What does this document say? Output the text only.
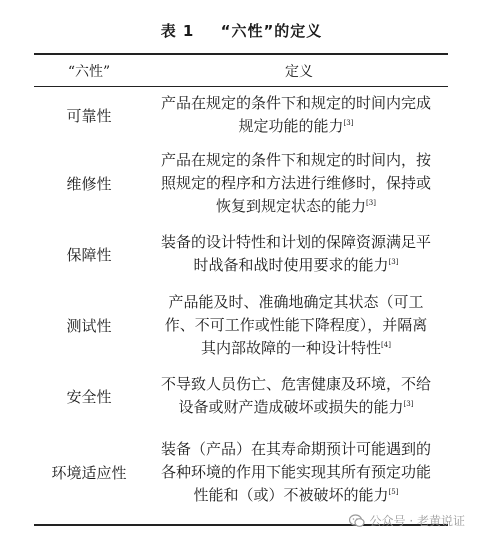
表 1 “六性”的定义
“六性”	定义
可靠性
产品在规定的条件下和规定的时间内完成
规定功能的能力[3]
维修性
产品在规定的条件下和规定的时间内，按
照规定的程序和方法进行维修时，保持或
恢复到规定状态的能力[3]
保障性
装备的设计特性和计划的保障资源满足平
时战备和战时使用要求的能力[3]
测试性
产品能及时、准确地确定其状态（可工
作、不可工作或性能下降程度），并隔离
其内部故障的一种设计特性[4]
安全性
不导致人员伤亡、危害健康及环境，不给
设备或财产造成破坏或损失的能力[3]
环境适应性
装备（产品）在其寿命期预计可能遇到的
各种环境的作用下能实现其所有预定功能
性能和（或）不被破坏的能力[5]
公众号 · 老黄说证
